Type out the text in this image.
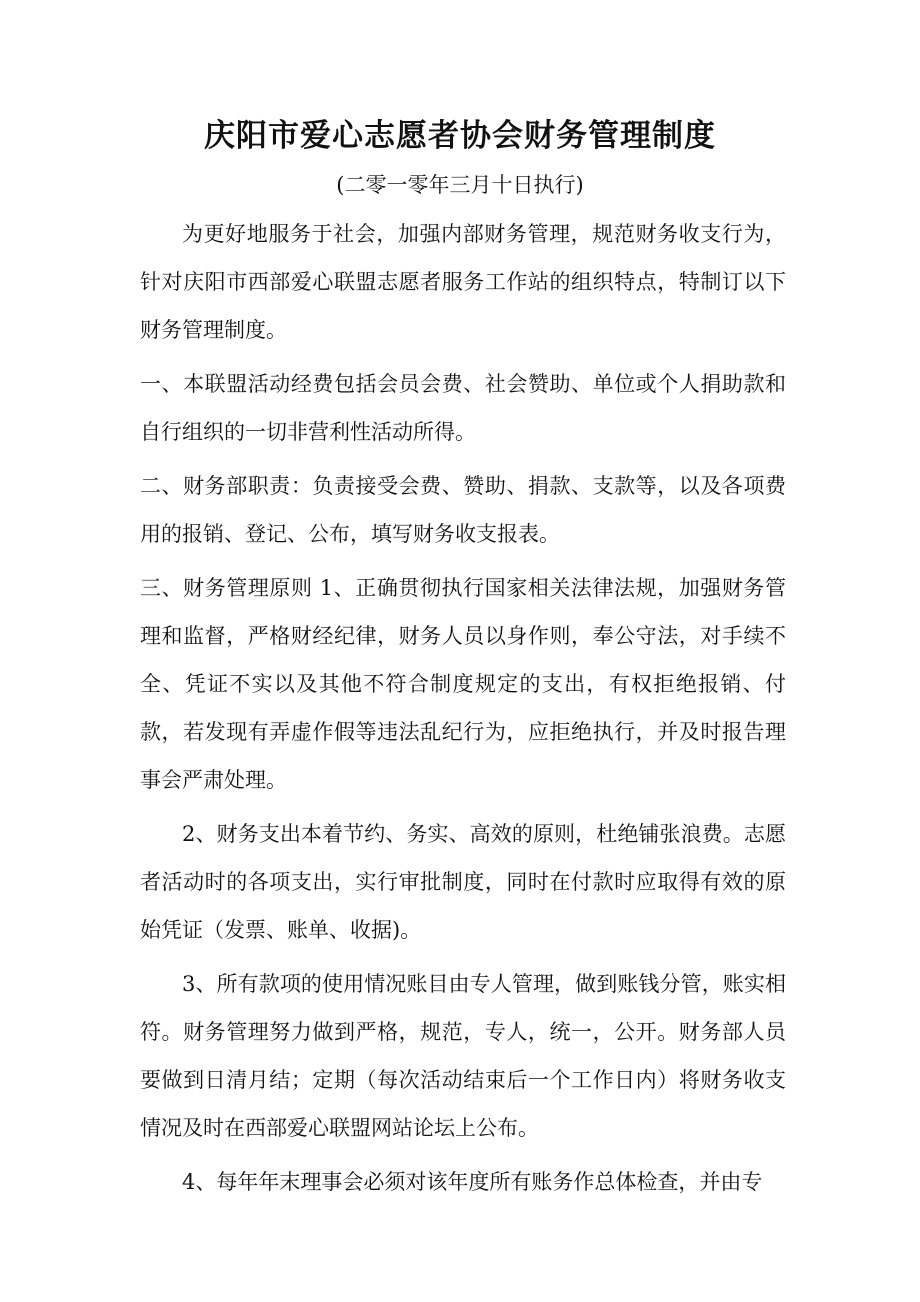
庆阳市爱心志愿者协会财务管理制度

(二零一零年三月十日执行)

为更好地服务于社会，加强内部财务管理，规范财务收支行为，针对庆阳市西部爱心联盟志愿者服务工作站的组织特点，特制订以下财务管理制度。

一、本联盟活动经费包括会员会费、社会赞助、单位或个人捐助款和自行组织的一切非营利性活动所得。

二、财务部职责：负责接受会费、赞助、捐款、支款等，以及各项费用的报销、登记、公布，填写财务收支报表。

三、财务管理原则 1、正确贯彻执行国家相关法律法规，加强财务管理和监督，严格财经纪律，财务人员以身作则，奉公守法，对手续不全、凭证不实以及其他不符合制度规定的支出，有权拒绝报销、付款，若发现有弄虚作假等违法乱纪行为，应拒绝执行，并及时报告理事会严肃处理。

2、财务支出本着节约、务实、高效的原则，杜绝铺张浪费。志愿者活动时的各项支出，实行审批制度，同时在付款时应取得有效的原始凭证（发票、账单、收据)。

3、所有款项的使用情况账目由专人管理，做到账钱分管，账实相符。财务管理努力做到严格，规范，专人，统一，公开。财务部人员要做到日清月结；定期（每次活动结束后一个工作日内）将财务收支情况及时在西部爱心联盟网站论坛上公布。

4、每年年末理事会必须对该年度所有账务作总体检查，并由专
